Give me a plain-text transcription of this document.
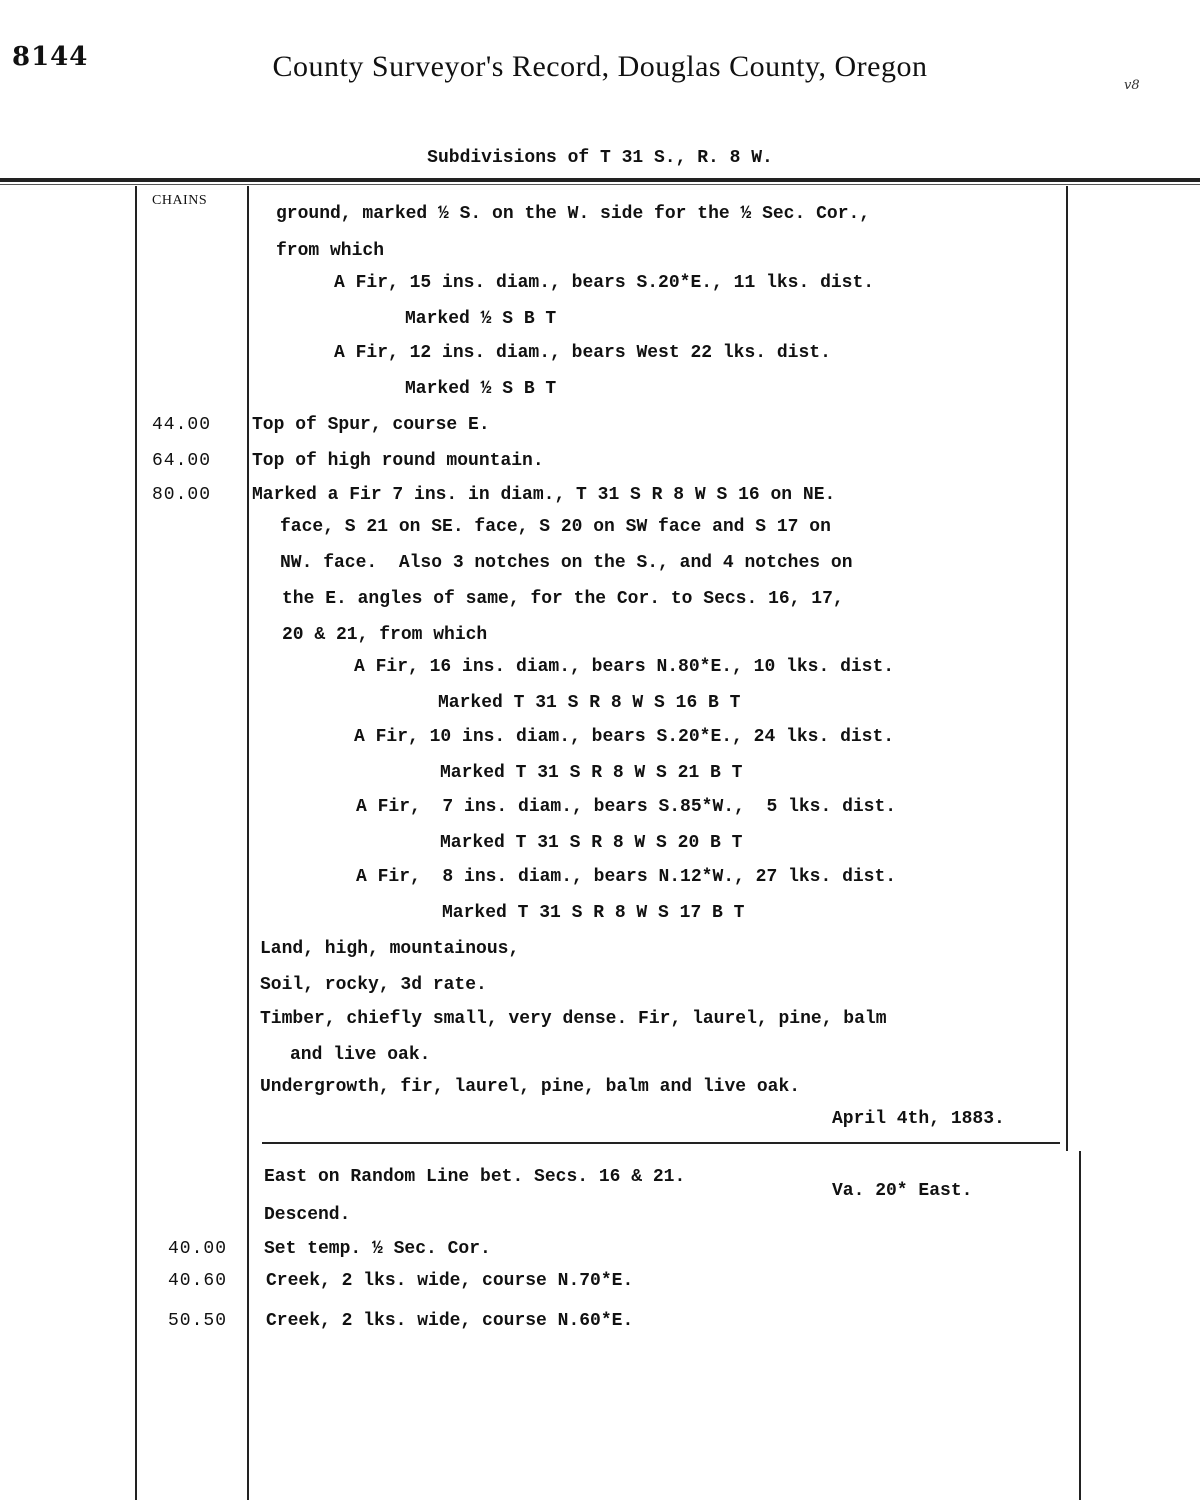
8144	County Surveyor's Record, Douglas County, Oregon
v8
Subdivisions of T 31 S., R. 8 W.
CHAINS
ground, marked ½ S. on the W. side for the ½ Sec. Cor.,
from which
A Fir, 15 ins. diam., bears S.20*E., 11 lks. dist.
Marked ½ S B T
A Fir, 12 ins. diam., bears West 22 lks. dist.
Marked ½ S B T
Top of Spur, course E.
44.00
Top of high round mountain.
64.00
Marked a Fir 7 ins. in diam., T 31 S R 8 W S 16 on NE.
80.00
face, S 21 on SE. face, S 20 on SW face and S 17 on
NW. face.  Also 3 notches on the S., and 4 notches on
the E. angles of same, for the Cor. to Secs. 16, 17,
20 & 21, from which
A Fir, 16 ins. diam., bears N.80*E., 10 lks. dist.
Marked T 31 S R 8 W S 16 B T
A Fir, 10 ins. diam., bears S.20*E., 24 lks. dist.
Marked T 31 S R 8 W S 21 B T
A Fir,  7 ins. diam., bears S.85*W.,  5 lks. dist.
Marked T 31 S R 8 W S 20 B T
A Fir,  8 ins. diam., bears N.12*W., 27 lks. dist.
Marked T 31 S R 8 W S 17 B T
Land, high, mountainous,
Soil, rocky, 3d rate.
Timber, chiefly small, very dense. Fir, laurel, pine, balm
and live oak.
Undergrowth, fir, laurel, pine, balm and live oak.
April 4th, 1883.
East on Random Line bet. Secs. 16 & 21.
Va. 20* East.
Descend.
Set temp. ½ Sec. Cor.
40.00
Creek, 2 lks. wide, course N.70*E.
40.60
Creek, 2 lks. wide, course N.60*E.
50.50
